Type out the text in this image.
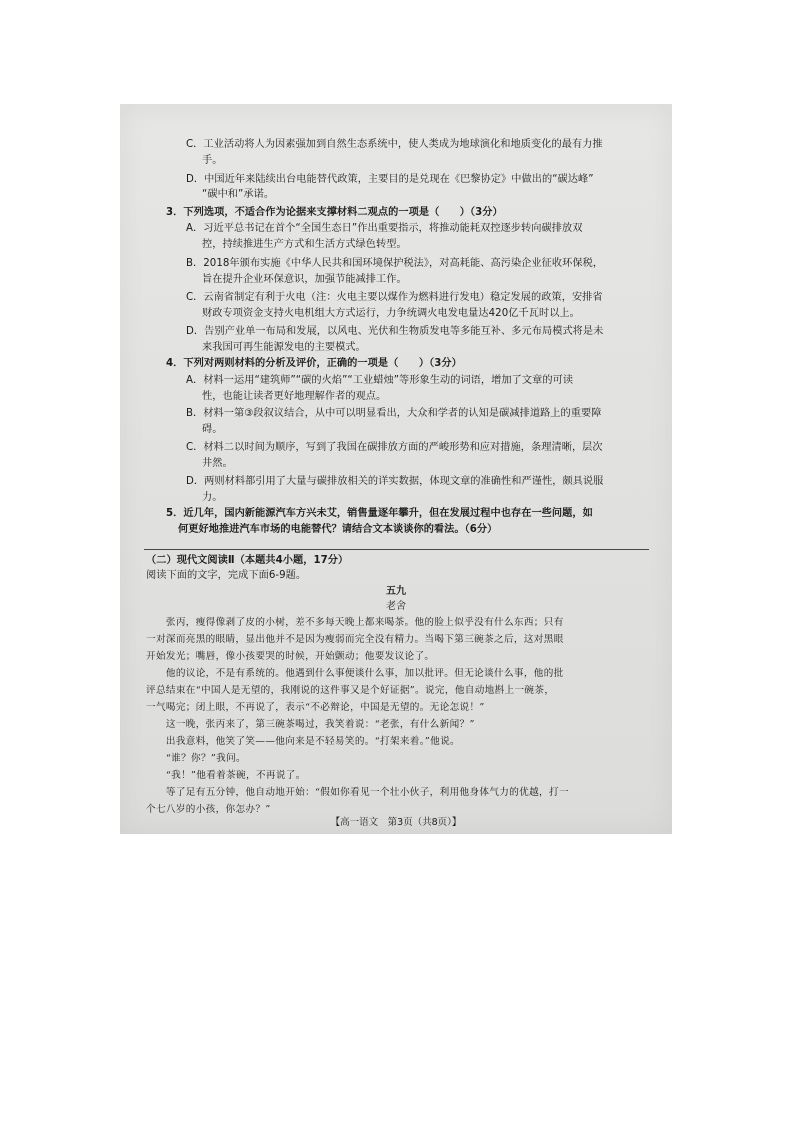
C．工业活动将人为因素强加到自然生态系统中，使人类成为地球演化和地质变化的最有力推
手。
D．中国近年来陆续出台电能替代政策，主要目的是兑现在《巴黎协定》中做出的“碳达峰”
“碳中和”承诺。
3．下列选项，不适合作为论据来支撑材料二观点的一项是（　　）（3分）
A．习近平总书记在首个“全国生态日”作出重要指示，将推动能耗双控逐步转向碳排放双
控，持续推进生产方式和生活方式绿色转型。
B．2018年颁布实施《中华人民共和国环境保护税法》，对高耗能、高污染企业征收环保税，
旨在提升企业环保意识，加强节能减排工作。
C．云南省制定有利于火电（注：火电主要以煤作为燃料进行发电）稳定发展的政策，安排省
财政专项资金支持火电机组大方式运行，力争统调火电发电量达420亿千瓦时以上。
D．告别产业单一布局和发展，以风电、光伏和生物质发电等多能互补、多元布局模式将是未
来我国可再生能源发电的主要模式。
4．下列对两则材料的分析及评价，正确的一项是（　　）（3分）
A．材料一运用“建筑师”“碳的火焰”“工业蜡烛”等形象生动的词语，增加了文章的可读
性，也能让读者更好地理解作者的观点。
B．材料一第③段叙议结合，从中可以明显看出，大众和学者的认知是碳减排道路上的重要障
碍。
C．材料二以时间为顺序，写到了我国在碳排放方面的严峻形势和应对措施，条理清晰，层次
井然。
D．两则材料都引用了大量与碳排放相关的详实数据，体现文章的准确性和严谨性，颇具说服
力。
5．近几年，国内新能源汽车方兴未艾，销售量逐年攀升，但在发展过程中也存在一些问题，如
何更好地推进汽车市场的电能替代？请结合文本谈谈你的看法。（6分）
（二）现代文阅读Ⅱ（本题共4小题，17分）
阅读下面的文字，完成下面6-9题。
五九
老舍
　　张丙，瘦得像剥了皮的小树，差不多每天晚上都来喝茶。他的脸上似乎没有什么东西；只有
一对深而亮黑的眼睛，显出他并不是因为瘦弱而完全没有精力。当喝下第三碗茶之后，这对黑眼
开始发光；嘴唇，像小孩要哭的时候，开始颤动；他要发议论了。
　　他的议论，不是有系统的。他遇到什么事便谈什么事，加以批评。但无论谈什么事，他的批
评总结束在“中国人是无望的，我刚说的这件事又是个好证据”。说完，他自动地斟上一碗茶，
一气喝完；闭上眼，不再说了，表示“不必辩论，中国是无望的。无论怎说！”
　　这一晚，张丙来了，第三碗茶喝过，我笑着说：“老张，有什么新闻？”
　　出我意料，他笑了笑——他向来是不轻易笑的。“打架来着。”他说。
　　“谁？你？”我问。
　　“我！”他看着茶碗，不再说了。
　　等了足有五分钟，他自动地开始：“假如你看见一个壮小伙子，利用他身体气力的优越，打一
个七八岁的小孩，你怎办？”
【高一语文　第3页（共8页）】
